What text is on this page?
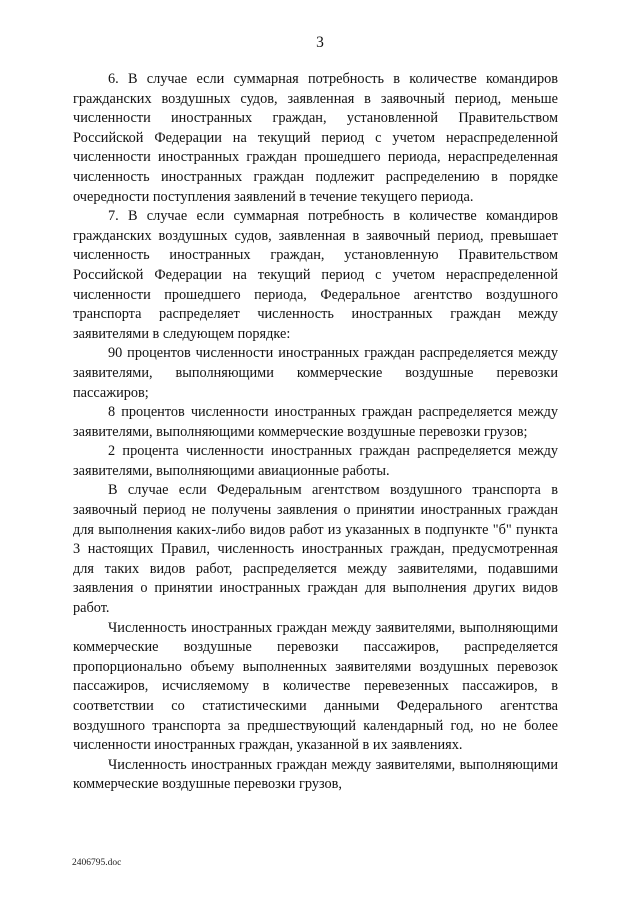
3

6. В случае если суммарная потребность в количестве командиров гражданских воздушных судов, заявленная в заявочный период, меньше численности иностранных граждан, установленной Правительством Российской Федерации на текущий период с учетом нераспределенной численности иностранных граждан прошедшего периода, нераспределенная численность иностранных граждан подлежит распределению в порядке очередности поступления заявлений в течение текущего периода.

7. В случае если суммарная потребность в количестве командиров гражданских воздушных судов, заявленная в заявочный период, превышает численность иностранных граждан, установленную Правительством Российской Федерации на текущий период с учетом нераспределенной численности прошедшего периода, Федеральное агентство воздушного транспорта распределяет численность иностранных граждан между заявителями в следующем порядке:

90 процентов численности иностранных граждан распределяется между заявителями, выполняющими коммерческие воздушные перевозки пассажиров;

8 процентов численности иностранных граждан распределяется между заявителями, выполняющими коммерческие воздушные перевозки грузов;

2 процента численности иностранных граждан распределяется между заявителями, выполняющими авиационные работы.

В случае если Федеральным агентством воздушного транспорта в заявочный период не получены заявления о принятии иностранных граждан для выполнения каких-либо видов работ из указанных в подпункте "б" пункта 3 настоящих Правил, численность иностранных граждан, предусмотренная для таких видов работ, распределяется между заявителями, подавшими заявления о принятии иностранных граждан для выполнения других видов работ.

Численность иностранных граждан между заявителями, выполняющими коммерческие воздушные перевозки пассажиров, распределяется пропорционально объему выполненных заявителями воздушных перевозок пассажиров, исчисляемому в количестве перевезенных пассажиров, в соответствии со статистическими данными Федерального агентства воздушного транспорта за предшествующий календарный год, но не более численности иностранных граждан, указанной в их заявлениях.

Численность иностранных граждан между заявителями, выполняющими коммерческие воздушные перевозки грузов,

2406795.doc
